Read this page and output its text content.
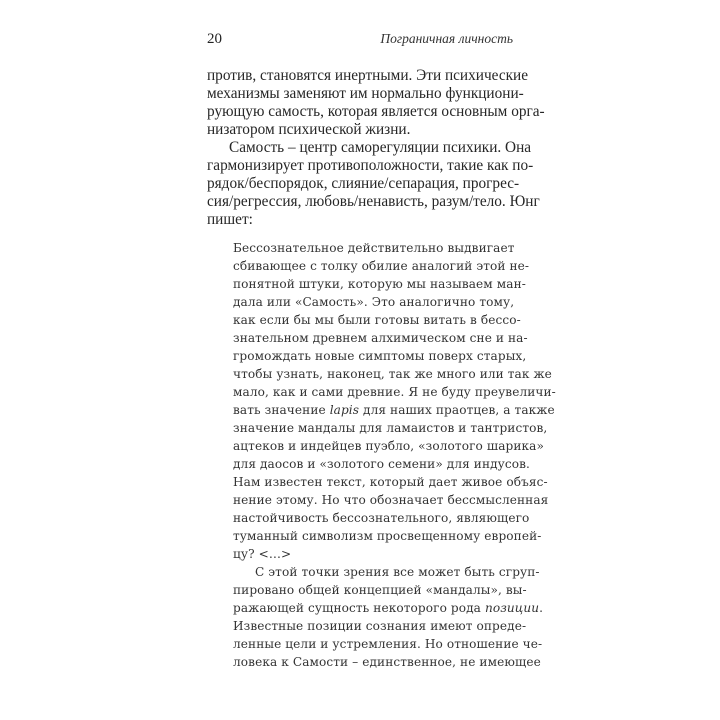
20	Пограничная личность
против, становятся инертными. Эти психические
механизмы заменяют им нормально функциони-
рующую самость, которая является основным орга-
низатором психической жизни.
Самость – центр саморегуляции психики. Она
гармонизирует противоположности, такие как по-
рядок/беспорядок, слияние/сепарация, прогрес-
сия/регрессия, любовь/ненависть, разум/тело. Юнг
пишет:
Бессознательное действительно выдвигает
сбивающее с толку обилие аналогий этой не-
понятной штуки, которую мы называем ман-
дала или «Самость». Это аналогично тому,
как если бы мы были готовы витать в бессо-
знательном древнем алхимическом сне и на-
громождать новые симптомы поверх старых,
чтобы узнать, наконец, так же много или так же
мало, как и сами древние. Я не буду преувеличи-
вать значение lapis для наших праотцев, а также
значение мандалы для ламаистов и тантристов,
ацтеков и индейцев пуэбло, «золотого шарика»
для даосов и «золотого семени» для индусов.
Нам известен текст, который дает живое объяс-
нение этому. Но что обозначает бессмысленная
настойчивость бессознательного, являющего
туманный символизм просвещенному европей-
цу? <…>
С этой точки зрения все может быть сгруп-
пировано общей концепцией «мандалы», вы-
ражающей сущность некоторого рода позиции.
Известные позиции сознания имеют опреде-
ленные цели и устремления. Но отношение че-
ловека к Самости – единственное, не имеющее
